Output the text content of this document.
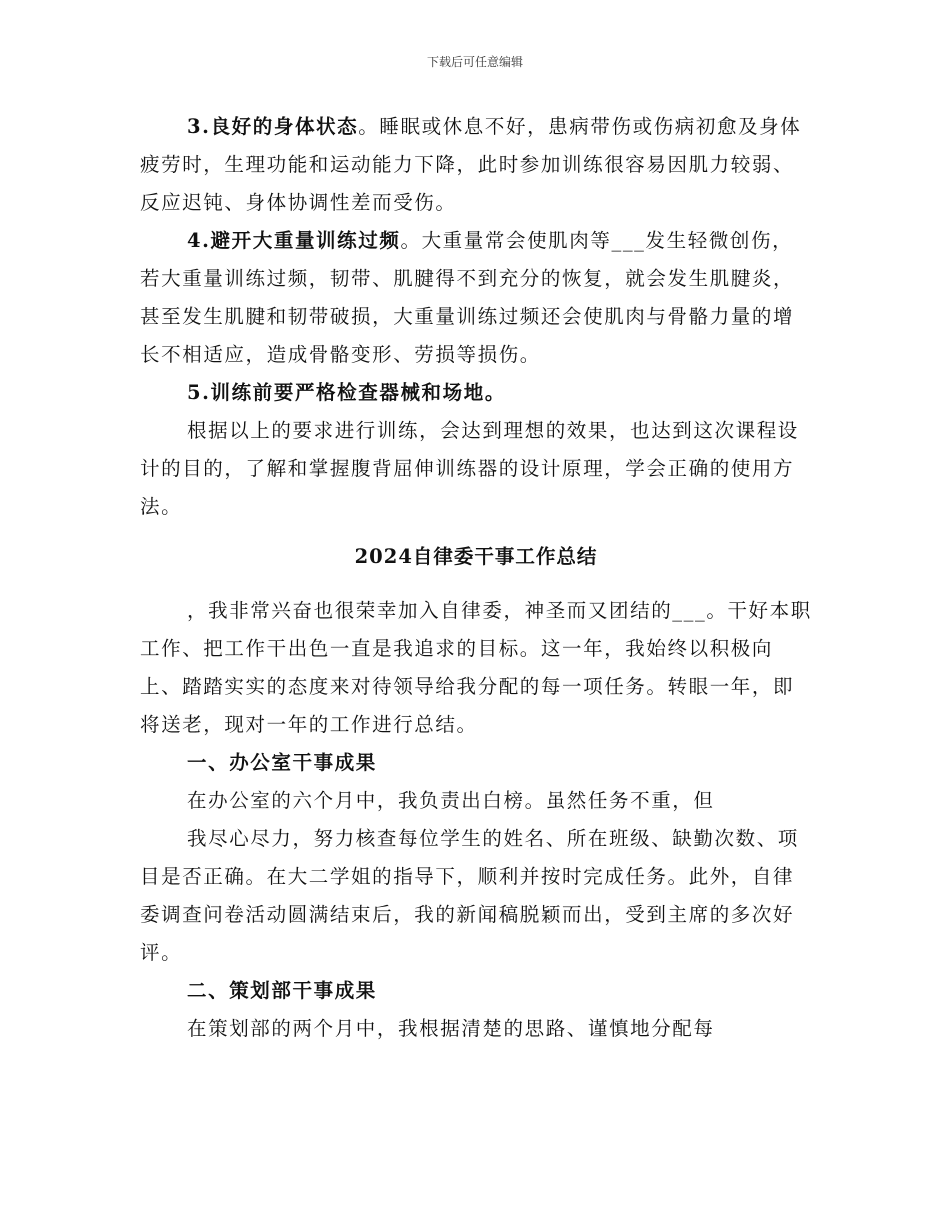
下载后可任意编辑

3.良好的身体状态。睡眠或休息不好，患病带伤或伤病初愈及身体疲劳时，生理功能和运动能力下降，此时参加训练很容易因肌力较弱、反应迟钝、身体协调性差而受伤。

4.避开大重量训练过频。大重量常会使肌肉等___发生轻微创伤，若大重量训练过频，韧带、肌腱得不到充分的恢复，就会发生肌腱炎，甚至发生肌腱和韧带破损，大重量训练过频还会使肌肉与骨骼力量的增长不相适应，造成骨骼变形、劳损等损伤。

5.训练前要严格检查器械和场地。

根据以上的要求进行训练，会达到理想的效果，也达到这次课程设计的目的，了解和掌握腹背屈伸训练器的设计原理，学会正确的使用方法。

2024自律委干事工作总结

，我非常兴奋也很荣幸加入自律委，神圣而又团结的___。干好本职工作、把工作干出色一直是我追求的目标。这一年，我始终以积极向上、踏踏实实的态度来对待领导给我分配的每一项任务。转眼一年，即将送老，现对一年的工作进行总结。

一、办公室干事成果

在办公室的六个月中，我负责出白榜。虽然任务不重，但

我尽心尽力，努力核查每位学生的姓名、所在班级、缺勤次数、项目是否正确。在大二学姐的指导下，顺利并按时完成任务。此外，自律委调查问卷活动圆满结束后，我的新闻稿脱颖而出，受到主席的多次好评。

二、策划部干事成果

在策划部的两个月中，我根据清楚的思路、谨慎地分配每
